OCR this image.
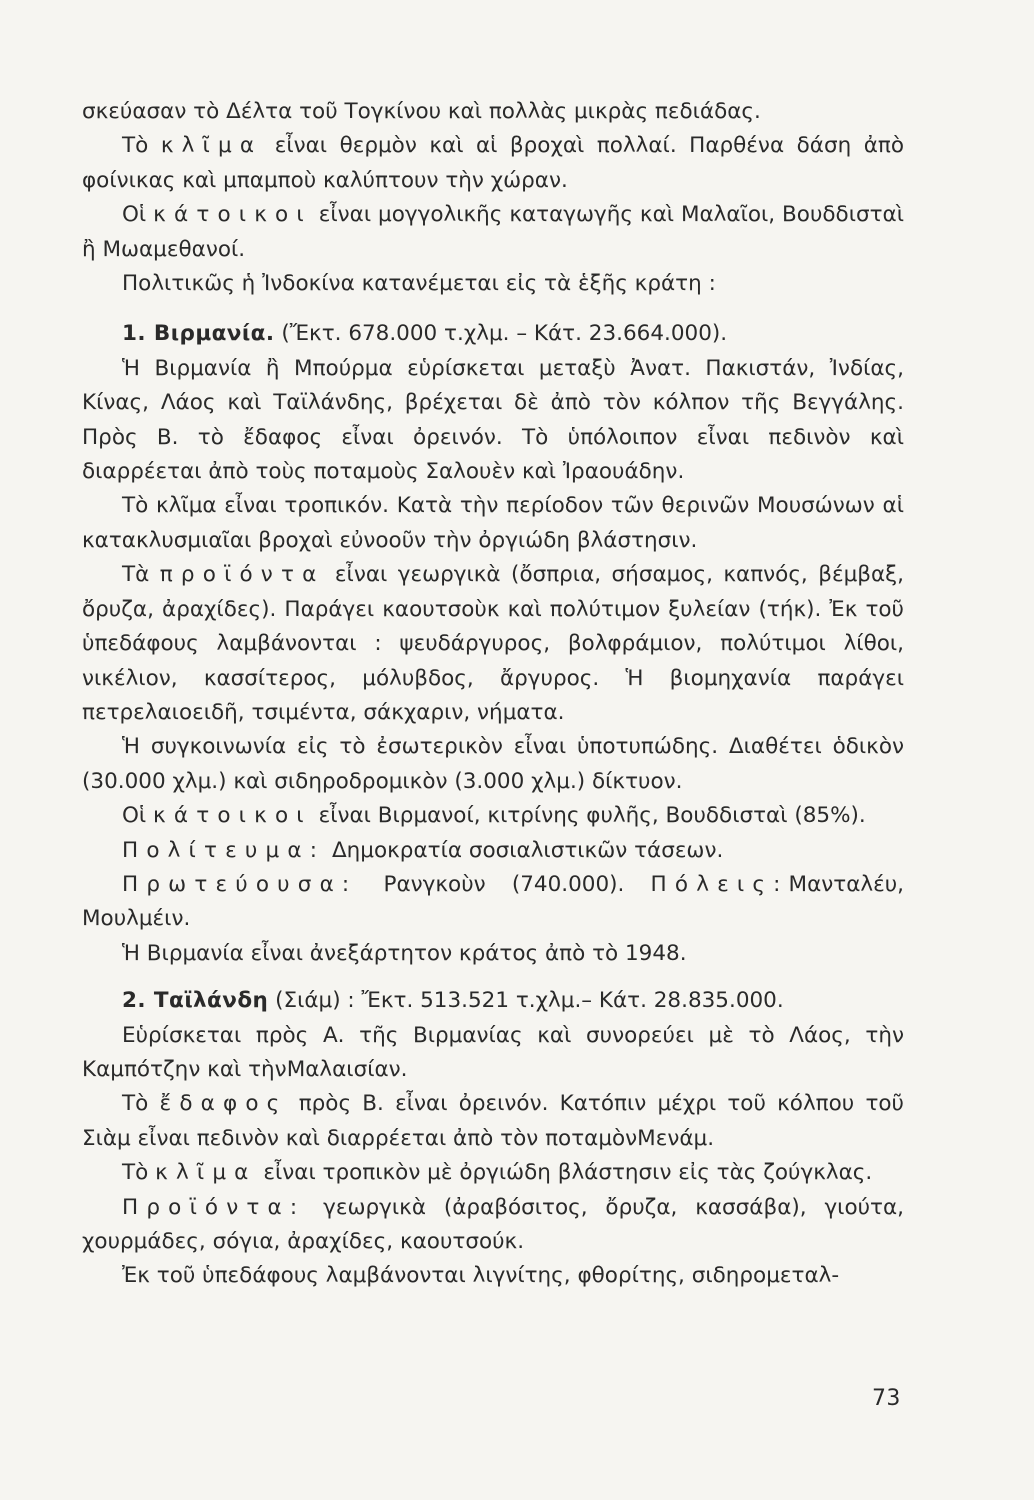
σκεύασαν τὸ Δέλτα τοῦ Τογκίνου καὶ πολλὰς μικρὰς πεδιάδας.

Τὸ κλῖμα εἶναι θερμὸν καὶ αἱ βροχαὶ πολλαί. Παρθένα δάση ἀπὸ φοίνικας καὶ μπαμποὺ καλύπτουν τὴν χώραν.

Οἱ κάτοικοι εἶναι μογγολικῆς καταγωγῆς καὶ Μαλαῖοι, Βουδδισταὶ ἢ Μωαμεθανοί.

Πολιτικῶς ἡ Ἰνδοκίνα κατανέμεται εἰς τὰ ἑξῆς κράτη :

1. Βιρμανία. (Ἔκτ. 678.000 τ.χλμ. – Κάτ. 23.664.000).

Ἡ Βιρμανία ἢ Μπούρμα εὑρίσκεται μεταξὺ Ἀνατ. Πακιστάν, Ἰνδίας, Κίνας, Λάος καὶ Ταϊλάνδης, βρέχεται δὲ ἀπὸ τὸν κόλπον τῆς Βεγγάλης. Πρὸς Β. τὸ ἔδαφος εἶναι ὀρεινόν. Τὸ ὑπόλοιπον εἶναι πεδινὸν καὶ διαρρέεται ἀπὸ τοὺς ποταμοὺς Σαλουὲν καὶ Ἰραουάδην.

Τὸ κλῖμα εἶναι τροπικόν. Κατὰ τὴν περίοδον τῶν θερινῶν Μουσώνων αἱ κατακλυσμιαῖαι βροχαὶ εὐνοοῦν τὴν ὀργιώδη βλάστησιν.

Τὰ προϊόντα εἶναι γεωργικὰ (ὄσπρια, σήσαμος, καπνός, βέμβαξ, ὄρυζα, ἀραχίδες). Παράγει καουτσοὺκ καὶ πολύτιμον ξυλείαν (τήκ). Ἐκ τοῦ ὑπεδάφους λαμβάνονται : ψευδάργυρος, βολφράμιον, πολύτιμοι λίθοι, νικέλιον, κασσίτερος, μόλυβδος, ἄργυρος. Ἡ βιομηχανία παράγει πετρελαιοειδῆ, τσιμέντα, σάκχαριν, νήματα.

Ἡ συγκοινωνία εἰς τὸ ἐσωτερικὸν εἶναι ὑποτυπώδης. Διαθέτει ὁδικὸν (30.000 χλμ.) καὶ σιδηροδρομικὸν (3.000 χλμ.) δίκτυον.

Οἱ κάτοικοι εἶναι Βιρμανοί, κιτρίνης φυλῆς, Βουδδισταὶ (85%).

Πολίτευμα: Δημοκρατία σοσιαλιστικῶν τάσεων.

Πρωτεύουσα: Ρανγκοὺν (740.000). Πόλεις:Μανταλέυ, Μουλμέιν.

Ἡ Βιρμανία εἶναι ἀνεξάρτητον κράτος ἀπὸ τὸ 1948.

2. Ταϊλάνδη (Σιάμ) : Ἔκτ. 513.521 τ.χλμ.– Κάτ. 28.835.000.

Εὑρίσκεται πρὸς Α. τῆς Βιρμανίας καὶ συνορεύει μὲ τὸ Λάος, τὴν Καμπότζην καὶ τὴνΜαλαισίαν.

Τὸ ἔδαφος πρὸς Β. εἶναι ὀρεινόν. Κατόπιν μέχρι τοῦ κόλπου τοῦ Σιὰμ εἶναι πεδινὸν καὶ διαρρέεται ἀπὸ τὸν ποταμὸνΜενάμ.

Τὸ κλῖμα εἶναι τροπικὸν μὲ ὀργιώδη βλάστησιν εἰς τὰς ζούγκλας.

Προϊόντα: γεωργικὰ (ἀραβόσιτος, ὄρυζα, κασσάβα), γιούτα, χουρμάδες, σόγια, ἀραχίδες, καουτσούκ.

Ἐκ τοῦ ὑπεδάφους λαμβάνονται λιγνίτης, φθορίτης, σιδηρομεταλ-

73
